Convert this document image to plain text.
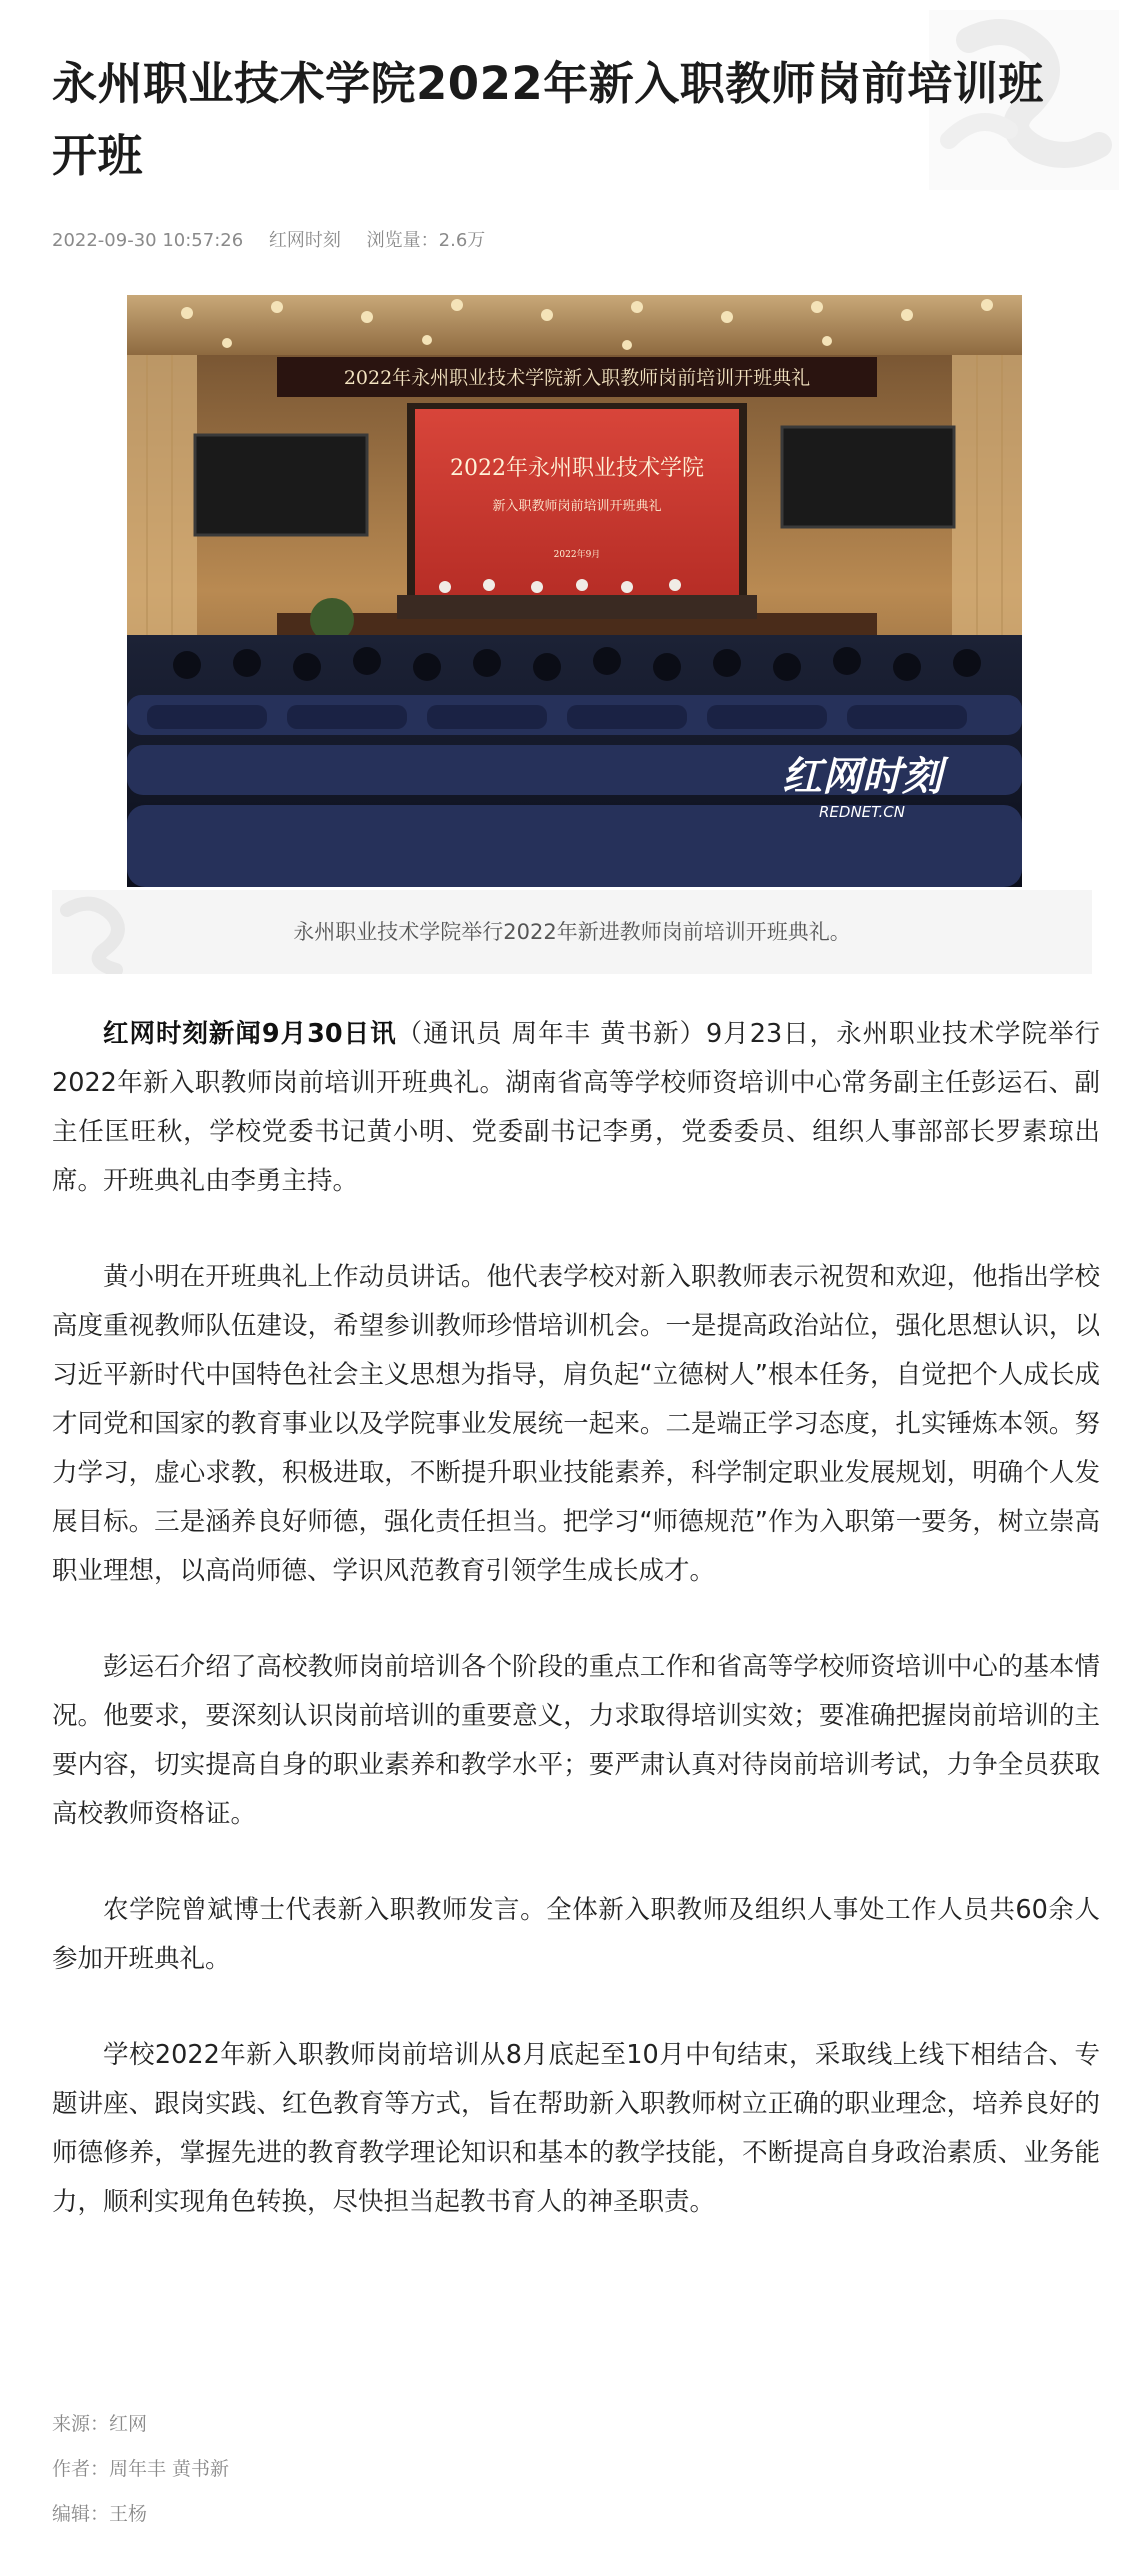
永州职业技术学院2022年新入职教师岗前培训班开班
2022-09-30 10:57:26 红网时刻 浏览量：2.6万
2022年永州职业技术学院新入职教师岗前培训开班典礼
2022年永州职业技术学院
新入职教师岗前培训开班典礼
2022年9月
红网时刻
REDNET.CN
永州职业技术学院举行2022年新进教师岗前培训开班典礼。

红网时刻新闻9月30日讯（通讯员 周年丰 黄书新）9月23日，永州职业技术学院举行2022年新入职教师岗前培训开班典礼。湖南省高等学校师资培训中心常务副主任彭运石、副主任匡旺秋，学校党委书记黄小明、党委副书记李勇，党委委员、组织人事部部长罗素琼出席。开班典礼由李勇主持。

黄小明在开班典礼上作动员讲话。他代表学校对新入职教师表示祝贺和欢迎，他指出学校高度重视教师队伍建设，希望参训教师珍惜培训机会。一是提高政治站位，强化思想认识，以习近平新时代中国特色社会主义思想为指导，肩负起“立德树人”根本任务，自觉把个人成长成才同党和国家的教育事业以及学院事业发展统一起来。二是端正学习态度，扎实锤炼本领。努力学习，虚心求教，积极进取，不断提升职业技能素养，科学制定职业发展规划，明确个人发展目标。三是涵养良好师德，强化责任担当。把学习“师德规范”作为入职第一要务，树立崇高职业理想，以高尚师德、学识风范教育引领学生成长成才。

彭运石介绍了高校教师岗前培训各个阶段的重点工作和省高等学校师资培训中心的基本情况。他要求，要深刻认识岗前培训的重要意义，力求取得培训实效；要准确把握岗前培训的主要内容，切实提高自身的职业素养和教学水平；要严肃认真对待岗前培训考试，力争全员获取高校教师资格证。

农学院曾斌博士代表新入职教师发言。全体新入职教师及组织人事处工作人员共60余人参加开班典礼。

学校2022年新入职教师岗前培训从8月底起至10月中旬结束，采取线上线下相结合、专题讲座、跟岗实践、红色教育等方式，旨在帮助新入职教师树立正确的职业理念，培养良好的师德修养，掌握先进的教育教学理论知识和基本的教学技能，不断提高自身政治素质、业务能力，顺利实现角色转换，尽快担当起教书育人的神圣职责。

来源：红网
作者：周年丰 黄书新
编辑：王杨
